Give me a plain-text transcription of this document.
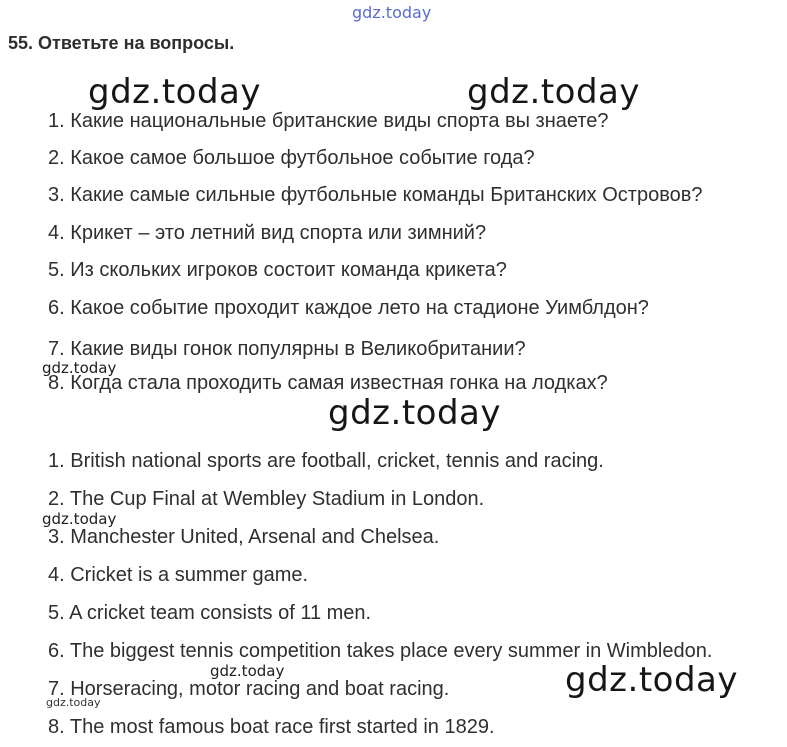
gdz.today
gdz.today	gdz.today
gdz.today
gdz.today
gdz.today
gdz.today
gdz.today
gdz.today
55. Ответьте на вопросы.
1. Какие национальные британские виды спорта вы знаете?
2. Какое самое большое футбольное событие года?
3. Какие самые сильные футбольные команды Британских Островов?
4. Крикет – это летний вид спорта или зимний?
5. Из скольких игроков состоит команда крикета?
6. Какое событие проходит каждое лето на стадионе Уимблдон?
7. Какие виды гонок популярны в Великобритании?
8. Когда стала проходить самая известная гонка на лодках?
1. British national sports are football, cricket, tennis and racing.
2. The Cup Final at Wembley Stadium in London.
3. Manchester United, Arsenal and Chelsea.
4. Cricket is a summer game.
5. A cricket team consists of 11 men.
6. The biggest tennis competition takes place every summer in Wimbledon.
7. Horseracing, motor racing and boat racing.
8. The most famous boat race first started in 1829.
